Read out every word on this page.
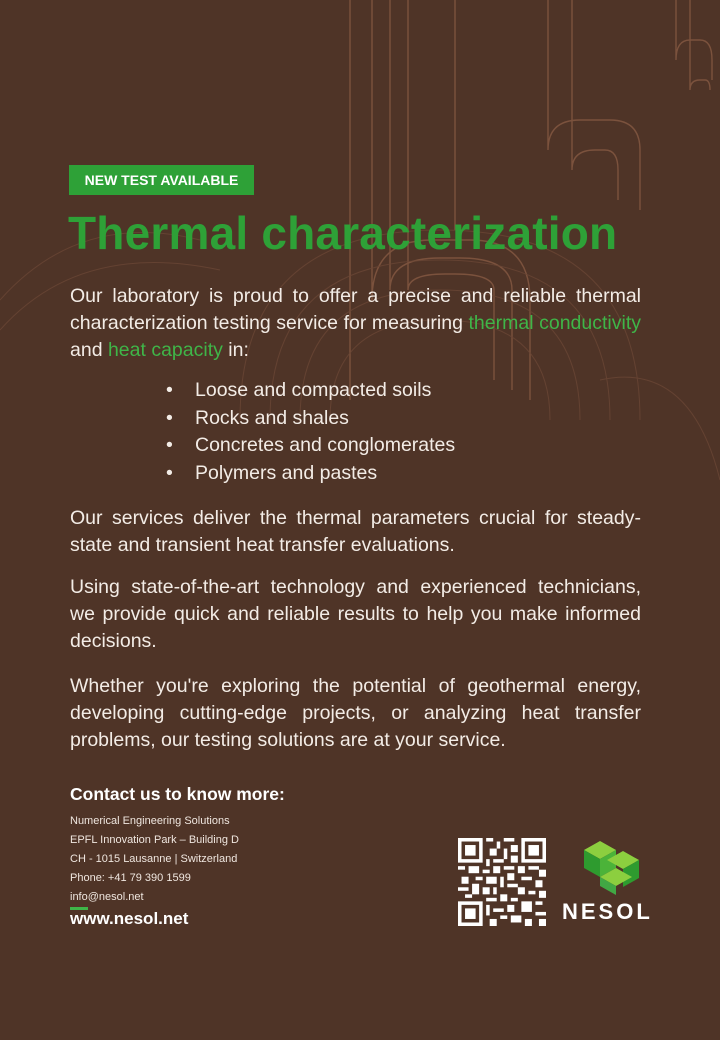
NEW TEST AVAILABLE
Thermal characterization

Our laboratory is proud to offer a precise and reliable thermal characterization testing service for measuring thermal conductivity and heat capacity in:

• Loose and compacted soils
• Rocks and shales
• Concretes and conglomerates
• Polymers and pastes

Our services deliver the thermal parameters crucial for steady-state and transient heat transfer evaluations.

Using state-of-the-art technology and experienced technicians, we provide quick and reliable results to help you make informed decisions.

Whether you're exploring the potential of geothermal energy, developing cutting-edge projects, or analyzing heat transfer problems, our testing solutions are at your service.

Contact us to know more:
Numerical Engineering Solutions
EPFL Innovation Park – Building D
CH - 1015 Lausanne | Switzerland
Phone: +41 79 390 1599
info@nesol.net
www.nesol.net	NESOL
